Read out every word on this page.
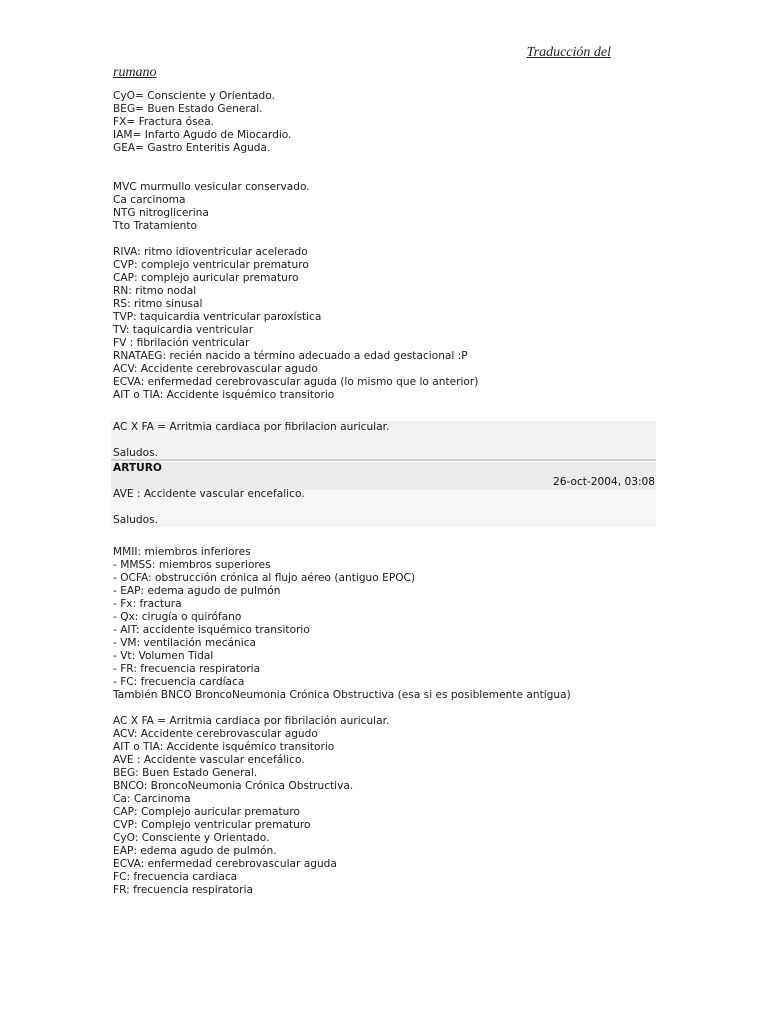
Traducción del
rumano
CyO= Consciente y Orientado.
BEG= Buen Estado General.
FX= Fractura ósea.
IAM= Infarto Agudo de Miocardio.
GEA= Gastro Enteritis Aguda.
MVC murmullo vesicular conservado.
Ca carcinoma
NTG nitroglicerina
Tto Tratamiento
RIVA: ritmo idioventricular acelerado
CVP: complejo ventricular prematuro
CAP: complejo auricular prematuro
RN: ritmo nodal
RS: ritmo sinusal
TVP: taquicardia ventricular paroxística
TV: taquicardia ventricular
FV : fibrilación ventricular
RNATAEG: recién nacido a término adecuado a edad gestacional :P
ACV: Accidente cerebrovascular agudo
ECVA: enfermedad cerebrovascular aguda (lo mismo que lo anterior)
AIT o TIA: Accidente isquémico transitorio
AC X FA = Arritmia cardiaca por fibrilacion auricular.
Saludos.
ARTURO
26-oct-2004, 03:08
AVE : Accidente vascular encefalico.
Saludos.
MMII: miembros inferiores
- MMSS: miembros superiores
- OCFA: obstrucción crónica al flujo aéreo (antiguo EPOC)
- EAP: edema agudo de pulmón
- Fx: fractura
- Qx: cirugía o quirófano
- AIT: accidente isquémico transitorio
- VM: ventilación mecánica
- Vt: Volumen Tidal
- FR: frecuencia respiratoria
- FC: frecuencia cardíaca
También BNCO BroncoNeumonia Crónica Obstructiva (esa si es posiblemente antigua)
AC X FA = Arritmia cardiaca por fibrilación auricular.
ACV: Accidente cerebrovascular agudo
AIT o TIA: Accidente isquémico transitorio
AVE : Accidente vascular encefálico.
BEG: Buen Estado General.
BNCO: BroncoNeumonia Crónica Obstructiva.
Ca: Carcinoma
CAP: Complejo auricular prematuro
CVP: Complejo ventricular prematuro
CyO: Consciente y Orientado.
EAP: edema agudo de pulmón.
ECVA: enfermedad cerebrovascular aguda
FC: frecuencia cardiaca
FR: frecuencia respiratoria
